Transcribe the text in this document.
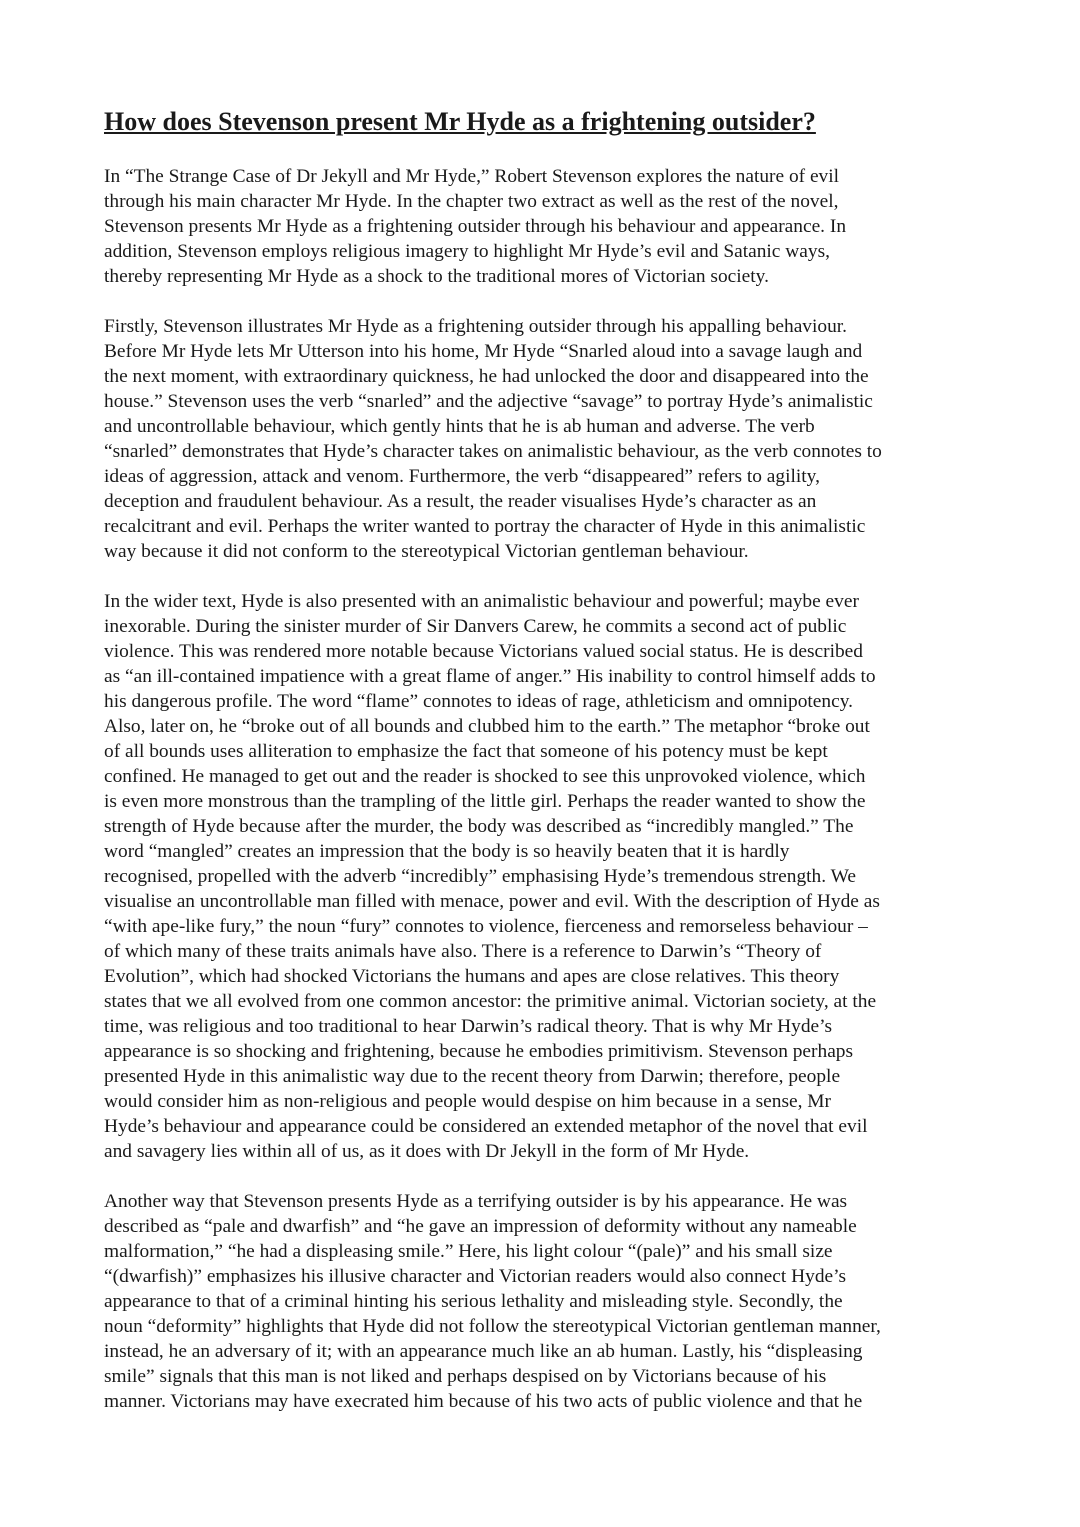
How does Stevenson present Mr Hyde as a frightening outsider?
In “The Strange Case of Dr Jekyll and Mr Hyde,” Robert Stevenson explores the nature of evil
through his main character Mr Hyde. In the chapter two extract as well as the rest of the novel,
Stevenson presents Mr Hyde as a frightening outsider through his behaviour and appearance. In
addition, Stevenson employs religious imagery to highlight Mr Hyde’s evil and Satanic ways,
thereby representing Mr Hyde as a shock to the traditional mores of Victorian society.
Firstly, Stevenson illustrates Mr Hyde as a frightening outsider through his appalling behaviour.
Before Mr Hyde lets Mr Utterson into his home, Mr Hyde “Snarled aloud into a savage laugh and
the next moment, with extraordinary quickness, he had unlocked the door and disappeared into the
house.” Stevenson uses the verb “snarled” and the adjective “savage” to portray Hyde’s animalistic
and uncontrollable behaviour, which gently hints that he is ab human and adverse. The verb
“snarled” demonstrates that Hyde’s character takes on animalistic behaviour, as the verb connotes to
ideas of aggression, attack and venom. Furthermore, the verb “disappeared” refers to agility,
deception and fraudulent behaviour. As a result, the reader visualises Hyde’s character as an
recalcitrant and evil. Perhaps the writer wanted to portray the character of Hyde in this animalistic
way because it did not conform to the stereotypical Victorian gentleman behaviour.
In the wider text, Hyde is also presented with an animalistic behaviour and powerful; maybe ever
inexorable. During the sinister murder of Sir Danvers Carew, he commits a second act of public
violence. This was rendered more notable because Victorians valued social status. He is described
as “an ill-contained impatience with a great flame of anger.” His inability to control himself adds to
his dangerous profile. The word “flame” connotes to ideas of rage, athleticism and omnipotency.
Also, later on, he “broke out of all bounds and clubbed him to the earth.” The metaphor “broke out
of all bounds uses alliteration to emphasize the fact that someone of his potency must be kept
confined. He managed to get out and the reader is shocked to see this unprovoked violence, which
is even more monstrous than the trampling of the little girl. Perhaps the reader wanted to show the
strength of Hyde because after the murder, the body was described as “incredibly mangled.” The
word “mangled” creates an impression that the body is so heavily beaten that it is hardly
recognised, propelled with the adverb “incredibly” emphasising Hyde’s tremendous strength. We
visualise an uncontrollable man filled with menace, power and evil. With the description of Hyde as
“with ape-like fury,” the noun “fury” connotes to violence, fierceness and remorseless behaviour –
of which many of these traits animals have also. There is a reference to Darwin’s “Theory of
Evolution”, which had shocked Victorians the humans and apes are close relatives. This theory
states that we all evolved from one common ancestor: the primitive animal. Victorian society, at the
time, was religious and too traditional to hear Darwin’s radical theory. That is why Mr Hyde’s
appearance is so shocking and frightening, because he embodies primitivism. Stevenson perhaps
presented Hyde in this animalistic way due to the recent theory from Darwin; therefore, people
would consider him as non-religious and people would despise on him because in a sense, Mr
Hyde’s behaviour and appearance could be considered an extended metaphor of the novel that evil
and savagery lies within all of us, as it does with Dr Jekyll in the form of Mr Hyde.
Another way that Stevenson presents Hyde as a terrifying outsider is by his appearance. He was
described as “pale and dwarfish” and “he gave an impression of deformity without any nameable
malformation,” “he had a displeasing smile.” Here, his light colour “(pale)” and his small size
“(dwarfish)” emphasizes his illusive character and Victorian readers would also connect Hyde’s
appearance to that of a criminal hinting his serious lethality and misleading style. Secondly, the
noun “deformity” highlights that Hyde did not follow the stereotypical Victorian gentleman manner,
instead, he an adversary of it; with an appearance much like an ab human. Lastly, his “displeasing
smile” signals that this man is not liked and perhaps despised on by Victorians because of his
manner. Victorians may have execrated him because of his two acts of public violence and that he
